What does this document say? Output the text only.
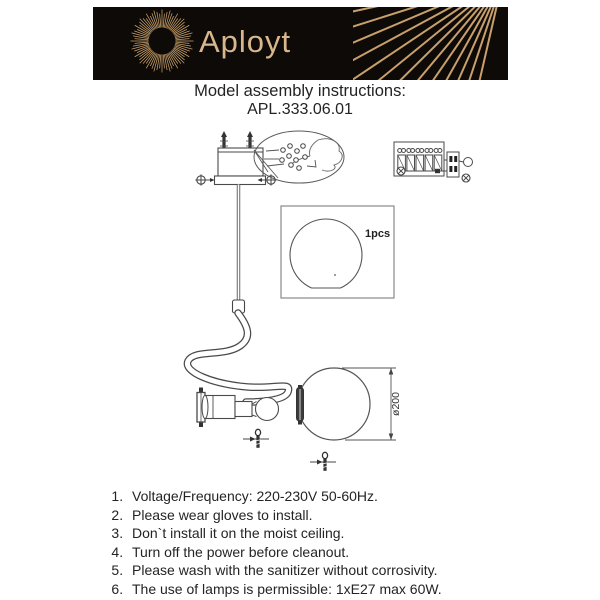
Aployt
Model assembly instructions:
APL.333.06.01
1pcs
ø200
1. Voltage/Frequency: 220-230V 50-60Hz.
2. Please wear gloves to install.
3. Don`t install it on the moist ceiling.
4. Turn off the power before cleanout.
5. Please wash with the sanitizer without corrosivity.
6. The use of lamps is permissible: 1xE27 max 60W.
